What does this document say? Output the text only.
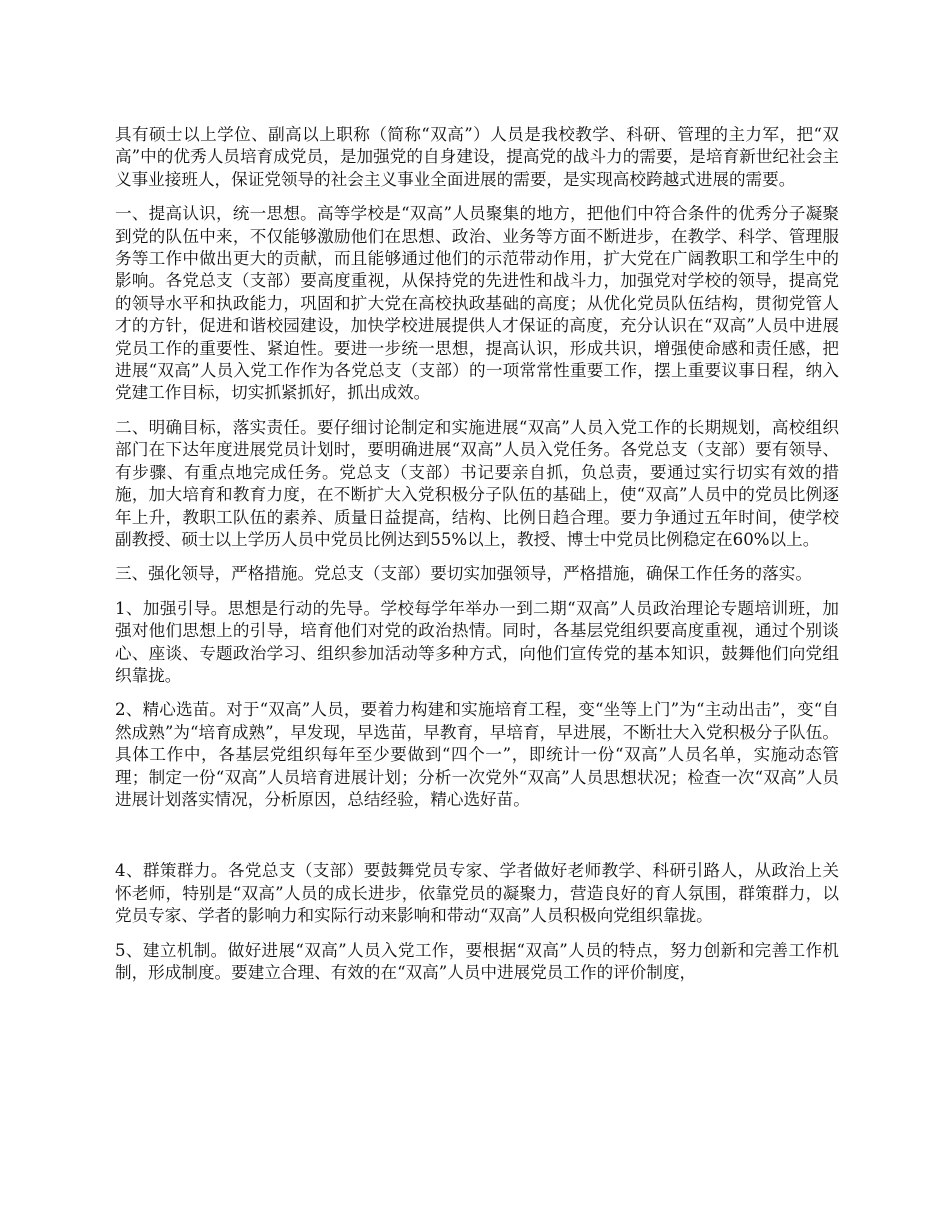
具有硕士以上学位、副高以上职称（简称“双高”）人员是我校教学、科研、管理的主力军，把“双高”中的优秀人员培育成党员，是加强党的自身建设，提高党的战斗力的需要，是培育新世纪社会主义事业接班人，保证党领导的社会主义事业全面进展的需要，是实现高校跨越式进展的需要。

一、提高认识，统一思想。高等学校是“双高”人员聚集的地方，把他们中符合条件的优秀分子凝聚到党的队伍中来，不仅能够激励他们在思想、政治、业务等方面不断进步，在教学、科学、管理服务等工作中做出更大的贡献，而且能够通过他们的示范带动作用，扩大党在广阔教职工和学生中的影响。各党总支（支部）要高度重视，从保持党的先进性和战斗力，加强党对学校的领导，提高党的领导水平和执政能力，巩固和扩大党在高校执政基础的高度；从优化党员队伍结构，贯彻党管人才的方针，促进和谐校园建设，加快学校进展提供人才保证的高度，充分认识在“双高”人员中进展党员工作的重要性、紧迫性。要进一步统一思想，提高认识，形成共识，增强使命感和责任感，把进展“双高”人员入党工作作为各党总支（支部）的一项常常性重要工作，摆上重要议事日程，纳入党建工作目标，切实抓紧抓好，抓出成效。

二、明确目标，落实责任。要仔细讨论制定和实施进展“双高”人员入党工作的长期规划，高校组织部门在下达年度进展党员计划时，要明确进展“双高”人员入党任务。各党总支（支部）要有领导、有步骤、有重点地完成任务。党总支（支部）书记要亲自抓，负总责，要通过实行切实有效的措施，加大培育和教育力度，在不断扩大入党积极分子队伍的基础上，使“双高”人员中的党员比例逐年上升，教职工队伍的素养、质量日益提高，结构、比例日趋合理。要力争通过五年时间，使学校副教授、硕士以上学历人员中党员比例达到55%以上，教授、博士中党员比例稳定在60%以上。

三、强化领导，严格措施。党总支（支部）要切实加强领导，严格措施，确保工作任务的落实。

1、加强引导。思想是行动的先导。学校每学年举办一到二期“双高”人员政治理论专题培训班，加强对他们思想上的引导，培育他们对党的政治热情。同时，各基层党组织要高度重视，通过个别谈心、座谈、专题政治学习、组织参加活动等多种方式，向他们宣传党的基本知识，鼓舞他们向党组织靠拢。

2、精心选苗。对于“双高”人员，要着力构建和实施培育工程，变“坐等上门”为“主动出击”，变“自然成熟”为“培育成熟”，早发现，早选苗，早教育，早培育，早进展，不断壮大入党积极分子队伍。具体工作中，各基层党组织每年至少要做到“四个一”，即统计一份“双高”人员名单，实施动态管理；制定一份“双高”人员培育进展计划；分析一次党外“双高”人员思想状况；检查一次“双高”人员进展计划落实情况，分析原因，总结经验，精心选好苗。

4、群策群力。各党总支（支部）要鼓舞党员专家、学者做好老师教学、科研引路人，从政治上关怀老师，特别是“双高”人员的成长进步，依靠党员的凝聚力，营造良好的育人氛围，群策群力，以党员专家、学者的影响力和实际行动来影响和带动“双高”人员积极向党组织靠拢。

5、建立机制。做好进展“双高”人员入党工作，要根据“双高”人员的特点，努力创新和完善工作机制，形成制度。要建立合理、有效的在“双高”人员中进展党员工作的评价制度，
